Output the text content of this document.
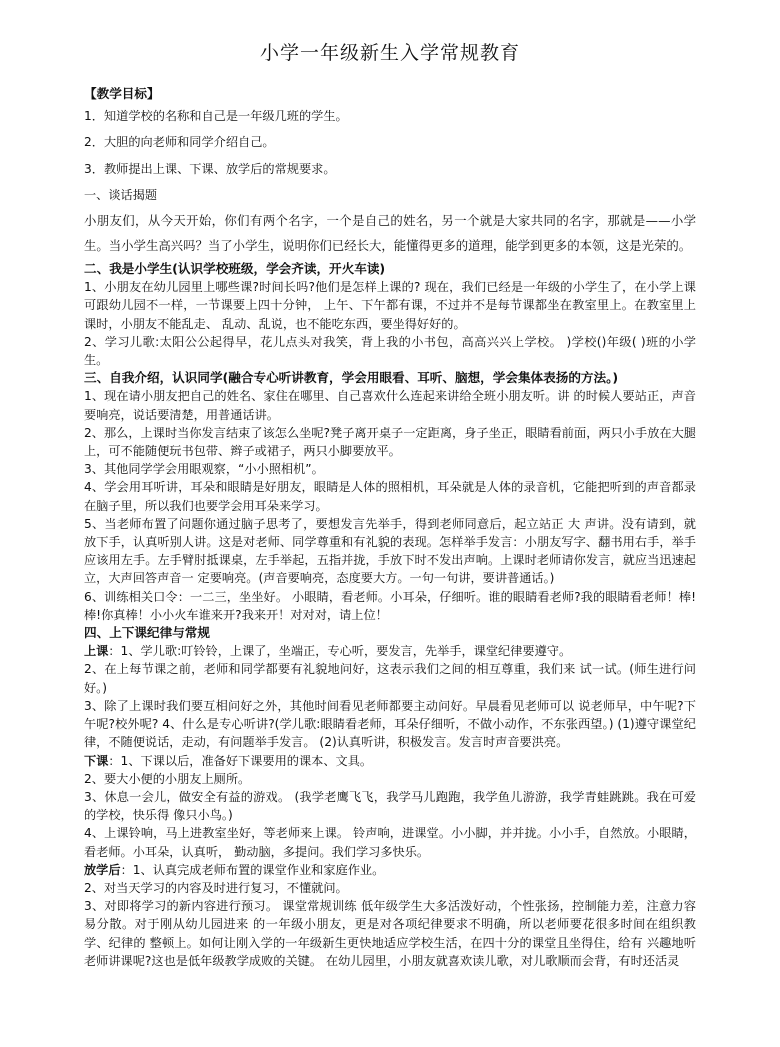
小学一年级新生入学常规教育

【教学目标】

1．知道学校的名称和自己是一年级几班的学生。

2．大胆的向老师和同学介绍自己。

3．教师提出上课、下课、放学后的常规要求。

一、谈话揭题

小朋友们，从今天开始，你们有两个名字，一个是自己的姓名，另一个就是大家共同的名字，那就是——小学生。当小学生高兴吗？当了小学生，说明你们已经长大，能懂得更多的道理，能学到更多的本领，这是光荣的。

二、我是小学生(认识学校班级，学会齐读，开火车读)

1、小朋友在幼儿园里上哪些课?时间长吗?他们是怎样上课的? 现在，我们已经是一年级的小学生了，在小学上课可跟幼儿园不一样，一节课要上四十分钟， 上午、下午都有课，不过并不是每节课都坐在教室里上。在教室里上课时，小朋友不能乱走、 乱动、乱说，也不能吃东西，要坐得好好的。

2、学习儿歌:太阳公公起得早，花儿点头对我笑，背上我的小书包，高高兴兴上学校。 )学校()年级( )班的小学生。

三、自我介绍，认识同学(融合专心听讲教育，学会用眼看、耳听、脑想，学会集体表扬的方法。)

1、现在请小朋友把自己的姓名、家住在哪里、自己喜欢什么连起来讲给全班小朋友听。讲 的时候人要站正，声音要响亮，说话要清楚，用普通话讲。

2、那么，上课时当你发言结束了该怎么坐呢?凳子离开桌子一定距离，身子坐正，眼睛看前面，两只小手放在大腿上，可不能随便玩书包带、辫子或裙子，两只小脚要放平。

3、其他同学学会用眼观察，“小小照相机”。

4、学会用耳听讲，耳朵和眼睛是好朋友，眼睛是人体的照相机，耳朵就是人体的录音机，它能把听到的声音都录在脑子里，所以我们也要学会用耳朵来学习。

5、当老师布置了问题你通过脑子思考了，要想发言先举手，得到老师同意后，起立站正 大 声讲。没有请到，就放下手，认真听别人讲。这是对老师、同学尊重和有礼貌的表现。怎样举手发言：小朋友写字、翻书用右手，举手应该用左手。左手臂肘抵课桌，左手举起，五指并拢，手放下时不发出声响。上课时老师请你发言，就应当迅速起立，大声回答声音一 定要响亮。(声音要响亮，态度要大方。一句一句讲，要讲普通话。)

6、训练相关口令：一二三，坐坐好。 小眼睛，看老师。小耳朵，仔细听。谁的眼睛看老师?我的眼睛看老师！棒!棒!你真棒！小小火车谁来开?我来开！对对对，请上位！

四、上下课纪律与常规

上课：1、学儿歌:叮铃铃，上课了，坐端正，专心听，要发言，先举手，课堂纪律要遵守。

2、在上每节课之前，老师和同学都要有礼貌地问好，这表示我们之间的相互尊重，我们来 试一试。(师生进行问好。)

3、除了上课时我们要互相问好之外，其他时间看见老师都要主动问好。早晨看见老师可以 说老师早，中午呢?下午呢?校外呢? 4、什么是专心听讲?(学儿歌:眼睛看老师，耳朵仔细听，不做小动作，不东张西望。) (1)遵守课堂纪律，不随便说话，走动，有问题举手发言。 (2)认真听讲，积极发言。发言时声音要洪亮。

下课：1、下课以后，准备好下课要用的课本、文具。

2、要大小便的小朋友上厕所。

3、休息一会儿，做安全有益的游戏。 (我学老鹰飞飞，我学马儿跑跑，我学鱼儿游游，我学青蛙跳跳。我在可爱的学校，快乐得 像只小鸟。)

4、上课铃响，马上进教室坐好，等老师来上课。 铃声响，进课堂。小小脚，并并拢。小小手，自然放。小眼睛，看老师。小耳朵，认真听， 勤动脑，多提问。我们学习多快乐。

放学后：1、认真完成老师布置的课堂作业和家庭作业。

2、对当天学习的内容及时进行复习，不懂就问。

3、对即将学习的新内容进行预习。 课堂常规训练 低年级学生大多活泼好动，个性张扬，控制能力差，注意力容易分散。对于刚从幼儿园进来 的一年级小朋友，更是对各项纪律要求不明确，所以老师要花很多时间在组织教学、纪律的 整顿上。如何让刚入学的一年级新生更快地适应学校生活，在四十分的课堂且坐得住，给有 兴趣地听老师讲课呢?这也是低年级教学成败的关键。 在幼儿园里，小朋友就喜欢读儿歌，对儿歌顺而会背，有时还活灵
